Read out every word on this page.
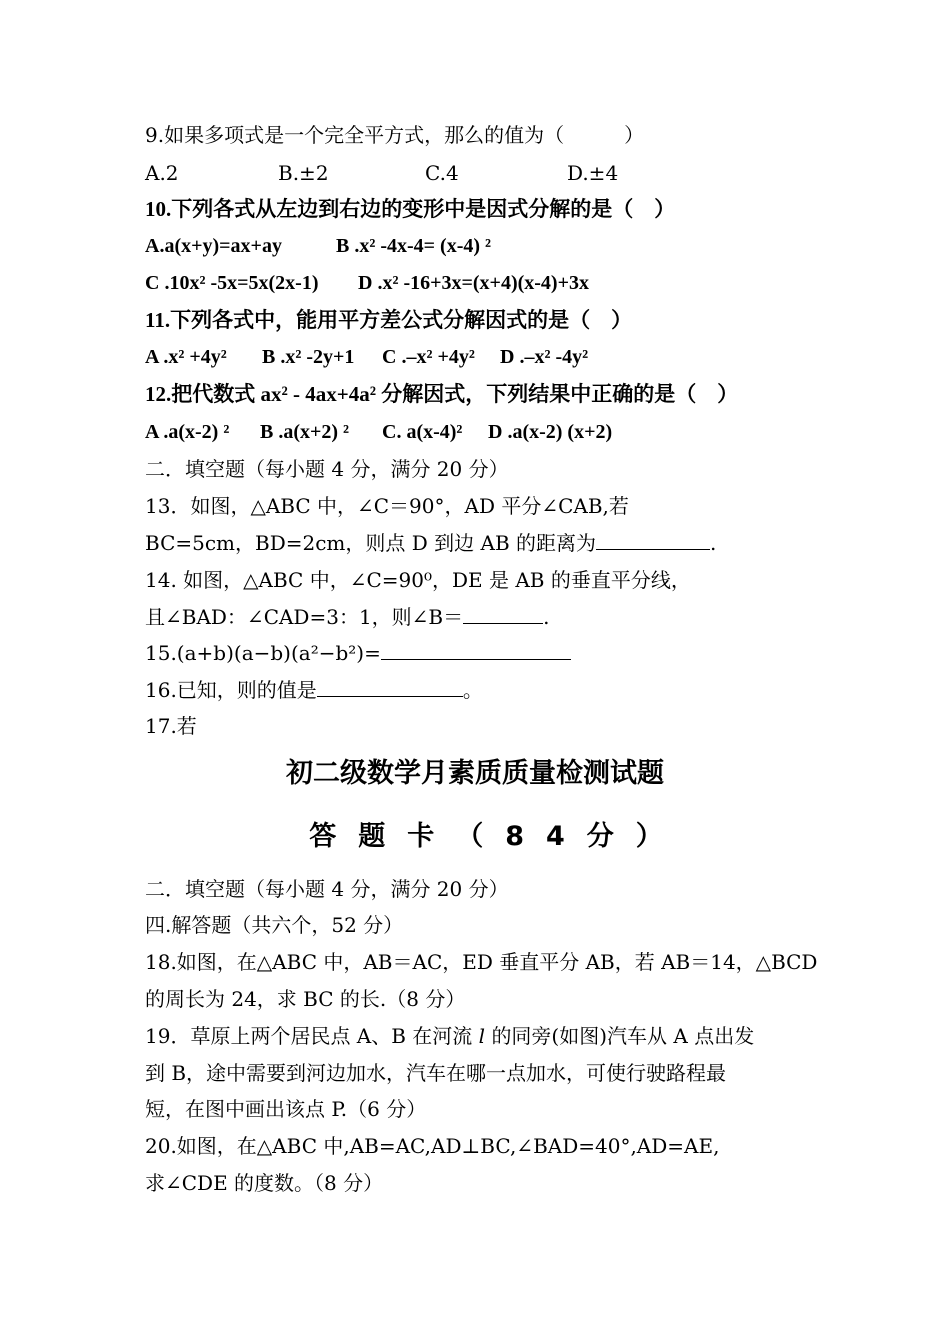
9.如果多项式是一个完全平方式，那么的值为（　　　）
A.2	B.±2	C.4	D.±4
10.下列各式从左边到右边的变形中是因式分解的是（　）
A.a(x+y)=ax+ay	B .x² -4x-4= (x-4) ²
C .10x² -5x=5x(2x-1) D .x² -16+3x=(x+4)(x-4)+3x
11.下列各式中，能用平方差公式分解因式的是（　）
A .x² +4y² B .x² -2y+1 C .–x² +4y² D .–x² -4y²
12.把代数式 ax² - 4ax+4a² 分解因式，下列结果中正确的是（　）
A .a(x-2) ² B .a(x+2) ² C. a(x-4)² D .a(x-2) (x+2)
二．填空题（每小题 4 分，满分 20 分）
13．如图，△ABC 中，∠C＝90°，AD 平分∠CAB,若
BC=5cm，BD=2cm，则点 D 到边 AB 的距离为	.
14. 如图，△ABC 中，∠C=90⁰，DE 是 AB 的垂直平分线，
且∠BAD：∠CAD=3：1，则∠B＝	.
15.(a+b)(a−b)(a²−b²)=
16.已知，则的值是	。
17.若
初二级数学月素质质量检测试题
答题卡（84分）
二．填空题（每小题 4 分，满分 20 分）
四.解答题（共六个，52 分）
18.如图，在△ABC 中，AB＝AC，ED 垂直平分 AB，若 AB＝14，△BCD
的周长为 24，求 BC 的长.（8 分）
19．草原上两个居民点 A、B 在河流 l 的同旁(如图)汽车从 A 点出发
到 B，途中需要到河边加水，汽车在哪一点加水，可使行驶路程最
短，在图中画出该点 P.（6 分）
20.如图，在△ABC 中,AB=AC,AD⊥BC,∠BAD=40°,AD=AE,
求∠CDE 的度数。（8 分）
